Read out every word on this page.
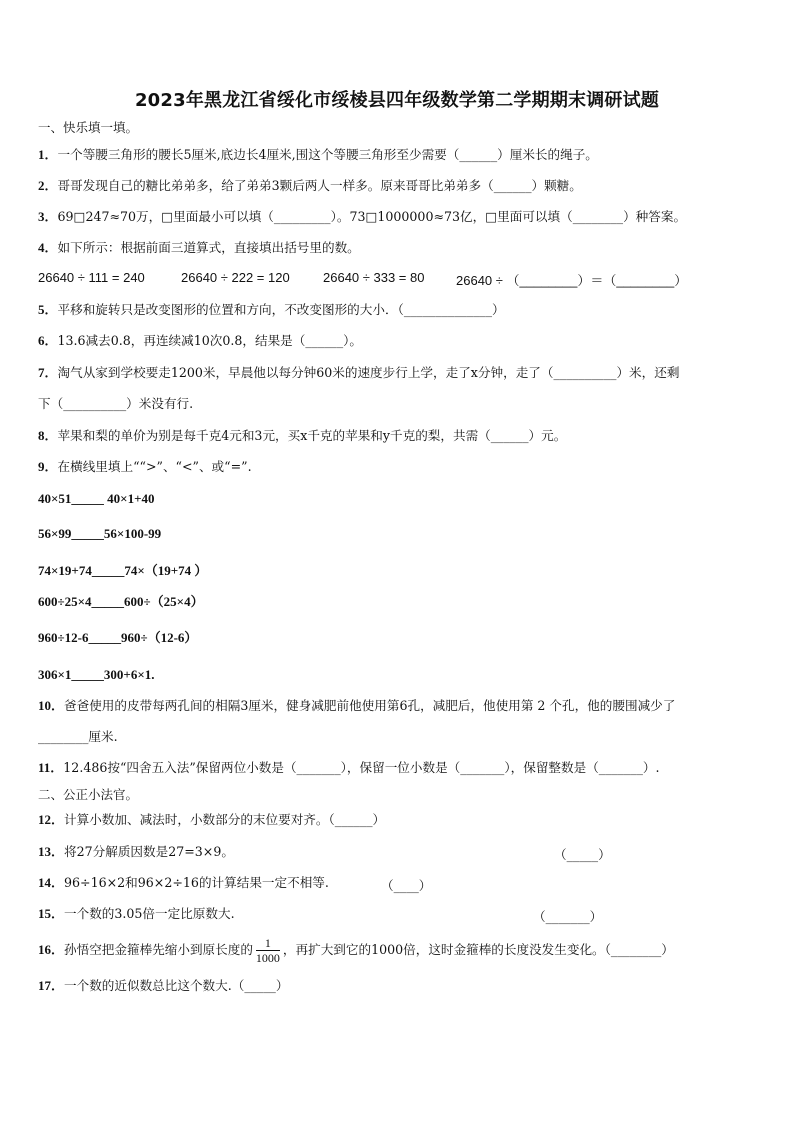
2023年黑龙江省绥化市绥棱县四年级数学第二学期期末调研试题
一、快乐填一填。
1．一个等腰三角形的腰长5厘米,底边长4厘米,围这个等腰三角形至少需要（______）厘米长的绳子。
2．哥哥发现自己的糖比弟弟多，给了弟弟3颗后两人一样多。原来哥哥比弟弟多（______）颗糖。
3．69□247≈70万，□里面最小可以填（_________）。73□1000000≈73亿，□里面可以填（________）种答案。
4．如下所示：根据前面三道算式，直接填出括号里的数。
26640 ÷ 111 = 240	26640 ÷ 222 = 120	26640 ÷ 333 = 80 26640 ÷ （________）＝（________）
5．平移和旋转只是改变图形的位置和方向，不改变图形的大小．（______________）
6．13.6减去0.8，再连续减10次0.8，结果是（______）。
7．淘气从家到学校要走1200米，早晨他以每分钟60米的速度步行上学，走了x分钟，走了（__________）米，还剩
下（__________）米没有行.
8．苹果和梨的单价为别是每千克4元和3元，买x千克的苹果和y千克的梨，共需（______）元。
9．在横线里填上““>”、“<”、或“=”.
40×51_____ 40×1+40
56×99_____56×100-99
74×19+74_____74×（19+74 ）
600÷25×4_____600÷（25×4）
960÷12-6_____960÷（12-6）
306×1_____300+6×1.
10．爸爸使用的皮带每两孔间的相隔3厘米，健身减肥前他使用第6孔，减肥后，他使用第 2 个孔，他的腰围减少了
________厘米.
11．12.486按“四舍五入法”保留两位小数是（_______），保留一位小数是（_______），保留整数是（_______）.
二、公正小法官。
12．计算小数加、减法时，小数部分的末位要对齐。（______）
13．将27分解质因数是27=3×9。	（_____）
14．96÷16×2和96×2÷16的计算结果一定不相等.	（____）
15．一个数的3.05倍一定比原数大.	（_______）
16．孙悟空把金箍棒先缩小到原长度的 $\frac{1}{1000}$ ，再扩大到它的1000倍，这时金箍棒的长度没发生变化。（________）
17．一个数的近似数总比这个数大.（_____）
